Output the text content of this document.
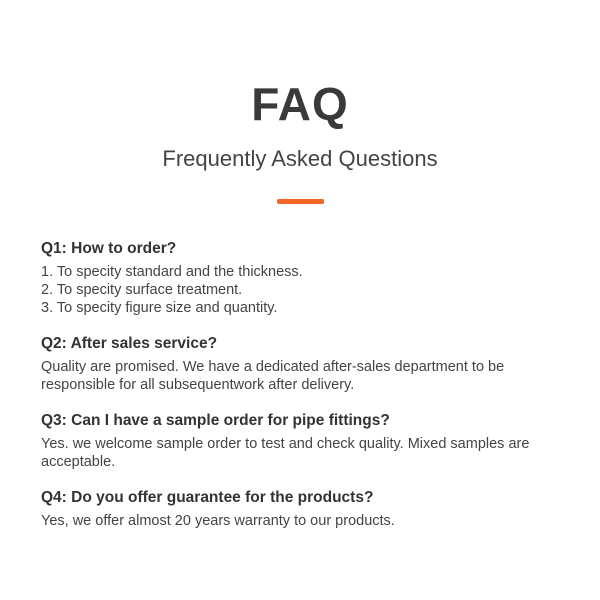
FAQ
Frequently Asked Questions
Q1: How to order?
1. To specity standard and the thickness.
2. To specity surface treatment.
3. To specity figure size and quantity.
Q2: After sales service?
Quality are promised. We have a dedicated after-sales department to be responsible for all subsequentwork after delivery.
Q3: Can I have a sample order for pipe fittings?
Yes. we welcome sample order to test and check quality. Mixed samples are acceptable.
Q4: Do you offer guarantee for the products?
Yes, we offer almost 20 years warranty to our products.
